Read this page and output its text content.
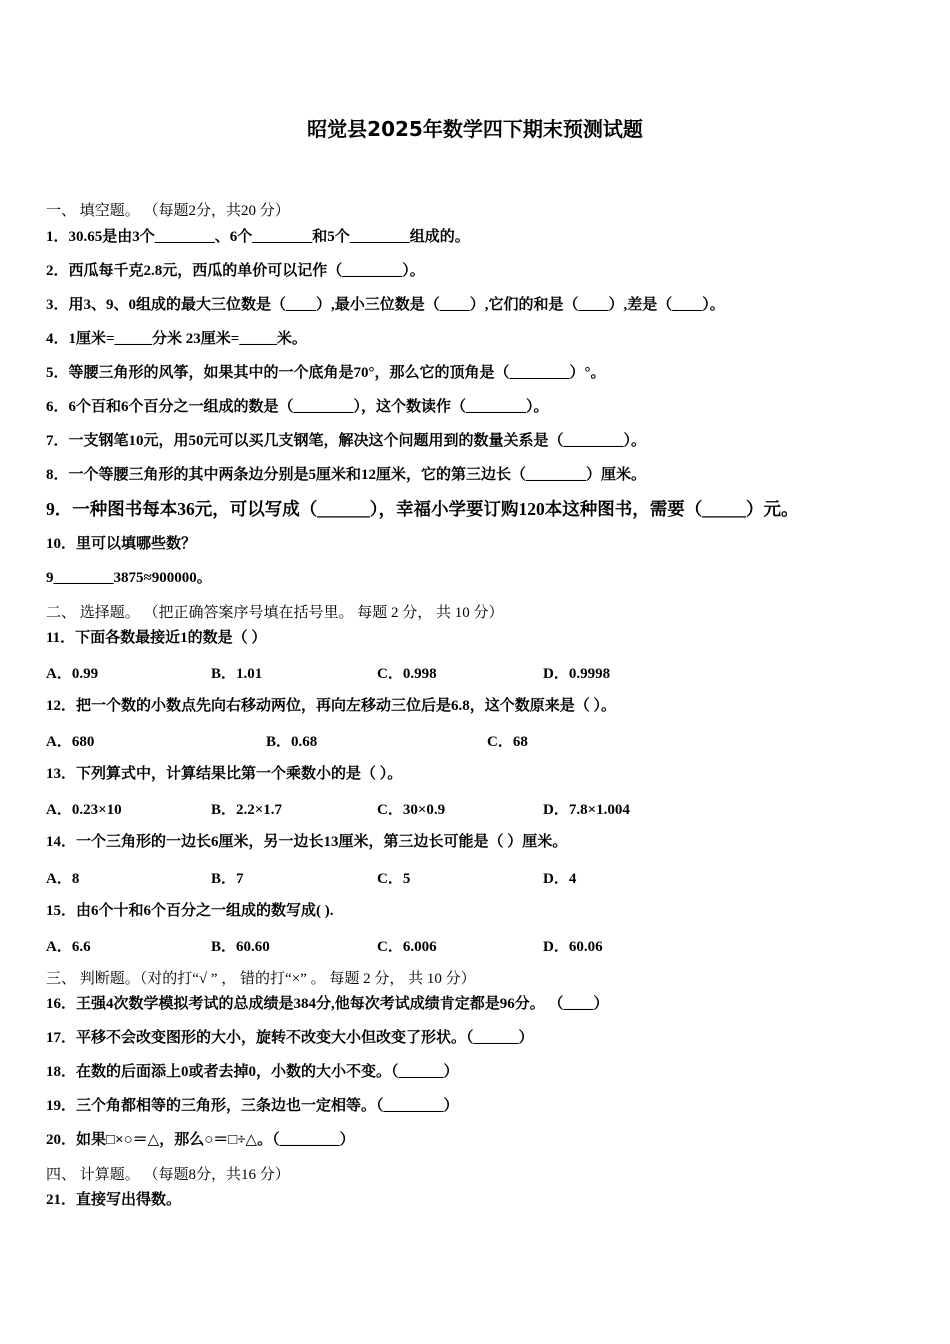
昭觉县2025年数学四下期末预测试题
一、 填空题。 （每题2分，共20 分）
1．30.65是由3个________、6个________和5个________组成的。
2．西瓜每千克2.8元，西瓜的单价可以记作（________）。
3．用3、9、0组成的最大三位数是（____）,最小三位数是（____）,它们的和是（____）,差是（____）。
4．1厘米=_____分米 23厘米=_____米。
5．等腰三角形的风筝，如果其中的一个底角是70°，那么它的顶角是（________）°。
6．6个百和6个百分之一组成的数是（________），这个数读作（________）。
7．一支钢笔10元，用50元可以买几支钢笔，解决这个问题用到的数量关系是（________）。
8．一个等腰三角形的其中两条边分别是5厘米和12厘米，它的第三边长（________）厘米。
9．一种图书每本36元，可以写成（______），幸福小学要订购120本这种图书，需要（_____）元。
10．里可以填哪些数？
9________3875≈900000。
二、 选择题。 （把正确答案序号填在括号里。 每题 2 分， 共 10 分）
11．下面各数最接近1的数是（ ）
A．0.99	B．1.01	C．0.998	D．0.9998
12．把一个数的小数点先向右移动两位，再向左移动三位后是6.8，这个数原来是（ ）。
A．680	B．0.68	C．68
13．下列算式中，计算结果比第一个乘数小的是（ ）。
A．0.23×10	B．2.2×1.7	C．30×0.9	D．7.8×1.004
14．一个三角形的一边长6厘米，另一边长13厘米，第三边长可能是（ ）厘米。
A．8	B．7	C．5	D．4
15．由6个十和6个百分之一组成的数写成( ).
A．6.6	B．60.60	C．6.006	D．60.06
三、 判断题。（对的打“√ ” ， 错的打“×” 。 每题 2 分， 共 10 分）
16．王强4次数学模拟考试的总成绩是384分,他每次考试成绩肯定都是96分。 （____）
17．平移不会改变图形的大小，旋转不改变大小但改变了形状。（______）
18．在数的后面添上0或者去掉0，小数的大小不变。（______）
19．三个角都相等的三角形，三条边也一定相等。（________）
20．如果□×○＝△，那么○＝□÷△。（________）
四、 计算题。 （每题8分，共16 分）
21．直接写出得数。
